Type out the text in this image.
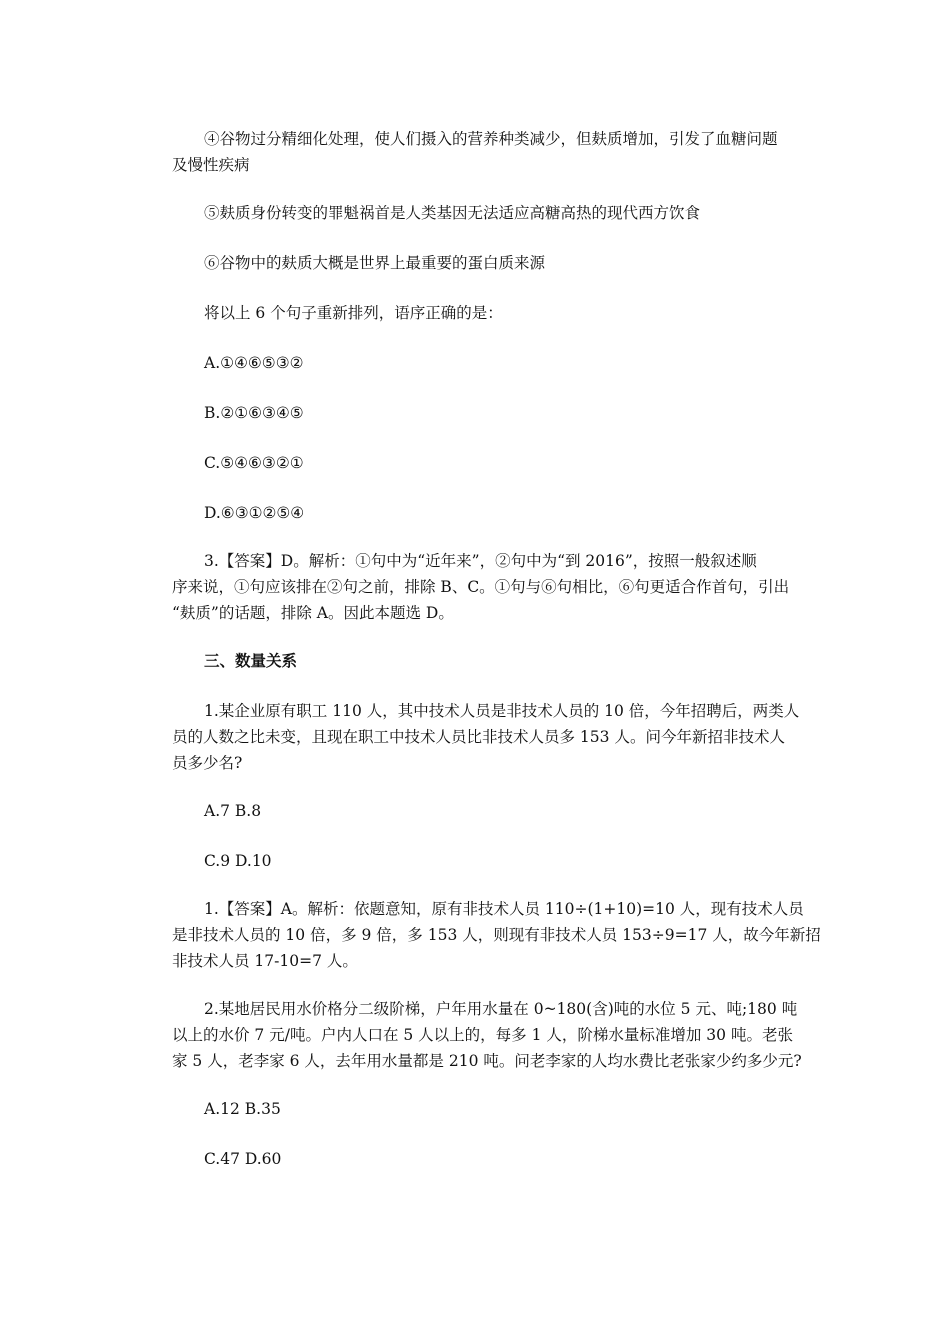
④谷物过分精细化处理，使人们摄入的营养种类减少，但麸质增加，引发了血糖问题
及慢性疾病
⑤麸质身份转变的罪魁祸首是人类基因无法适应高糖高热的现代西方饮食
⑥谷物中的麸质大概是世界上最重要的蛋白质来源
将以上 6 个句子重新排列，语序正确的是：
A.①④⑥⑤③②
B.②①⑥③④⑤
C.⑤④⑥③②①
D.⑥③①②⑤④
3.【答案】D。解析：①句中为“近年来”，②句中为“到 2016”，按照一般叙述顺
序来说，①句应该排在②句之前，排除 B、C。①句与⑥句相比，⑥句更适合作首句，引出
“麸质”的话题，排除 A。因此本题选 D。
三、数量关系
1.某企业原有职工 110 人，其中技术人员是非技术人员的 10 倍，今年招聘后，两类人
员的人数之比未变，且现在职工中技术人员比非技术人员多 153 人。问今年新招非技术人
员多少名?
A.7 B.8
C.9 D.10
1.【答案】A。解析：依题意知，原有非技术人员 110÷(1+10)=10 人，现有技术人员
是非技术人员的 10 倍，多 9 倍，多 153 人，则现有非技术人员 153÷9=17 人，故今年新招
非技术人员 17-10=7 人。
2.某地居民用水价格分二级阶梯，户年用水量在 0~180(含)吨的水位 5 元、吨;180 吨
以上的水价 7 元/吨。户内人口在 5 人以上的，每多 1 人，阶梯水量标准增加 30 吨。老张
家 5 人，老李家 6 人，去年用水量都是 210 吨。问老李家的人均水费比老张家少约多少元?
A.12 B.35
C.47 D.60
